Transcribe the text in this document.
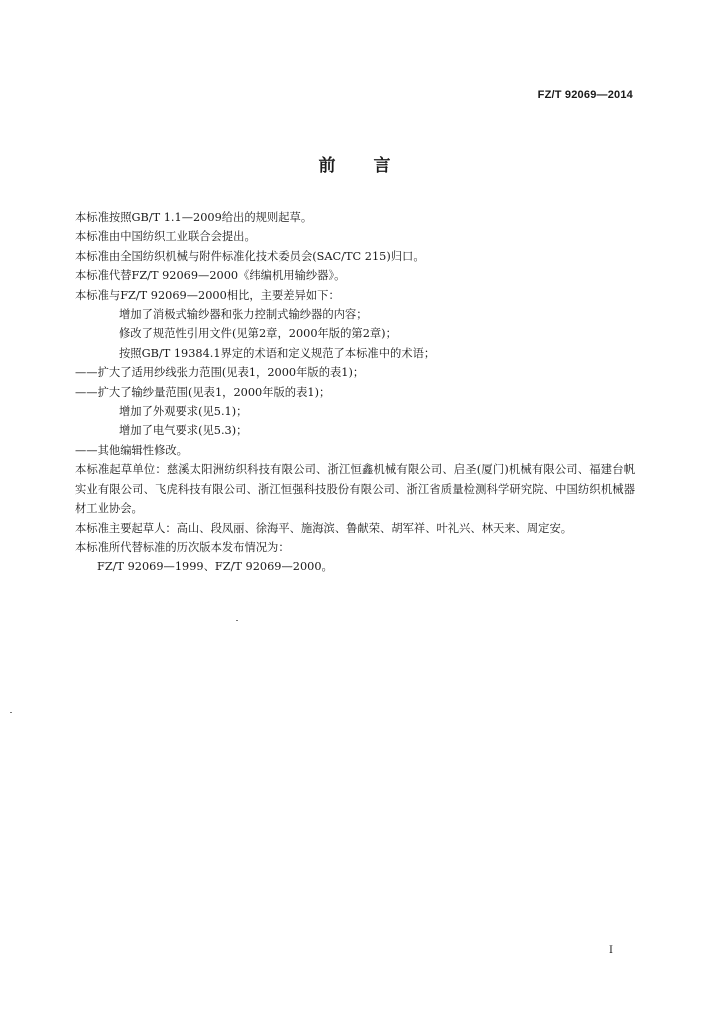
FZ/T 92069—2014
前言

本标准按照GB/T 1.1—2009给出的规则起草。

本标准由中国纺织工业联合会提出。

本标准由全国纺织机械与附件标准化技术委员会(SAC/TC 215)归口。

本标准代替FZ/T 92069—2000《纬编机用输纱器》。

本标准与FZ/T 92069—2000相比，主要差异如下：

增加了消极式输纱器和张力控制式输纱器的内容；

修改了规范性引用文件(见第2章，2000年版的第2章)；

按照GB/T 19384.1界定的术语和定义规范了本标准中的术语；

——扩大了适用纱线张力范围(见表1，2000年版的表1)；

——扩大了输纱量范围(见表1，2000年版的表1)；

增加了外观要求(见5.1)；

增加了电气要求(见5.3)；

——其他编辑性修改。

本标准起草单位：慈溪太阳洲纺织科技有限公司、浙江恒鑫机械有限公司、启圣(厦门)机械有限公司、福建台帆实业有限公司、飞虎科技有限公司、浙江恒强科技股份有限公司、浙江省质量检测科学研究院、中国纺织机械器材工业协会。

本标准主要起草人：高山、段凤丽、徐海平、施海滨、鲁献荣、胡军祥、叶礼兴、林天来、周定安。

本标准所代替标准的历次版本发布情况为：

FZ/T 92069—1999、FZ/T 92069—2000。

I
